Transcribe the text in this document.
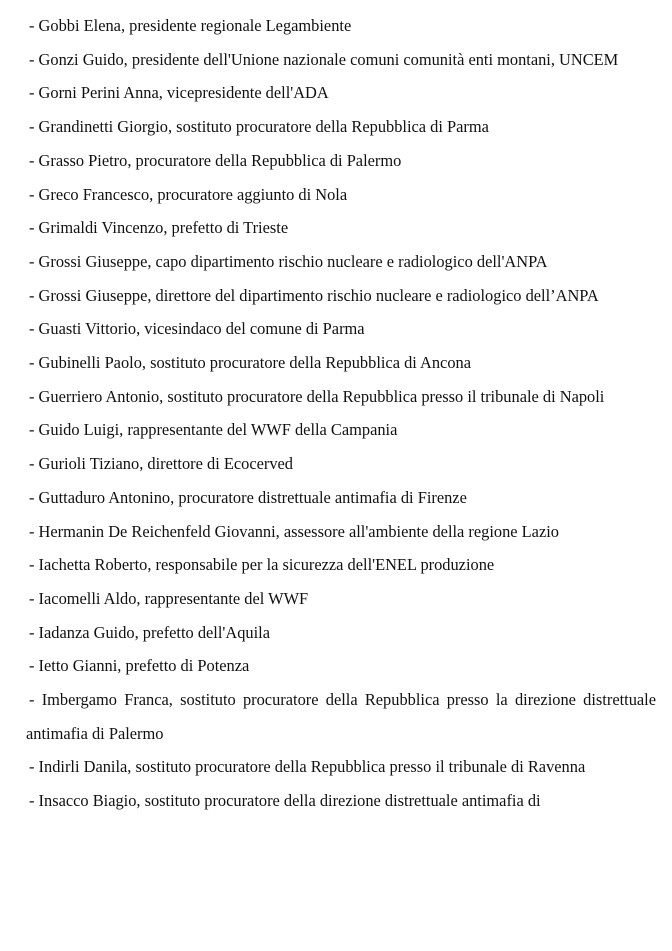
- Gobbi Elena, presidente regionale Legambiente
- Gonzi Guido, presidente dell'Unione nazionale comuni comunità enti montani, UNCEM
- Gorni Perini Anna, vicepresidente dell'ADA
- Grandinetti Giorgio, sostituto procuratore della Repubblica di Parma
- Grasso Pietro, procuratore della Repubblica di Palermo
- Greco Francesco, procuratore aggiunto di Nola
- Grimaldi Vincenzo, prefetto di Trieste
- Grossi Giuseppe, capo dipartimento rischio nucleare e radiologico dell'ANPA
- Grossi Giuseppe, direttore del dipartimento rischio nucleare e radiologico dell’ANPA
- Guasti Vittorio, vicesindaco del comune di Parma
- Gubinelli Paolo, sostituto procuratore della Repubblica di Ancona
- Guerriero Antonio, sostituto procuratore della Repubblica presso il tribunale di Napoli
- Guido Luigi, rappresentante del WWF della Campania
- Gurioli Tiziano, direttore di Ecocerved
- Guttaduro Antonino, procuratore distrettuale antimafia di Firenze
- Hermanin De Reichenfeld Giovanni, assessore all'ambiente della regione Lazio
- Iachetta Roberto, responsabile per la sicurezza dell'ENEL produzione
- Iacomelli Aldo, rappresentante del WWF
- Iadanza Guido, prefetto dell'Aquila
- Ietto Gianni, prefetto di Potenza
- Imbergamo Franca, sostituto procuratore della Repubblica presso la direzione distrettuale antimafia di Palermo
- Indirli Danila, sostituto procuratore della Repubblica presso il tribunale di Ravenna
- Insacco Biagio, sostituto procuratore della direzione distrettuale antimafia di
